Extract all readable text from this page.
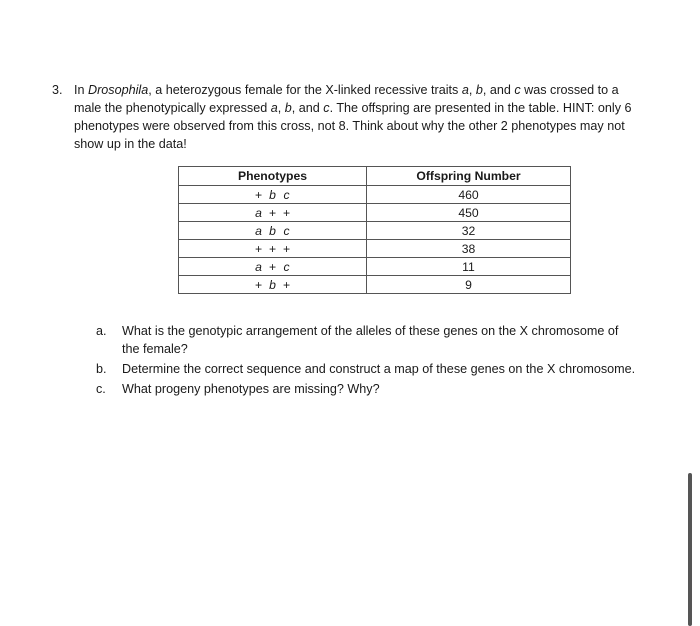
3. In Drosophila, a heterozygous female for the X-linked recessive traits a, b, and c was crossed to a male the phenotypically expressed a, b, and c. The offspring are presented in the table. HINT: only 6 phenotypes were observed from this cross, not 8. Think about why the other 2 phenotypes may not show up in the data!
Phenotypes	Offspring Number
+ b c	460
a + +	450
a b c	32
+ + +	38
a + c	11
+ b +	9
a. What is the genotypic arrangement of the alleles of these genes on the X chromosome of the female?
b. Determine the correct sequence and construct a map of these genes on the X chromosome.
c. What progeny phenotypes are missing? Why?
